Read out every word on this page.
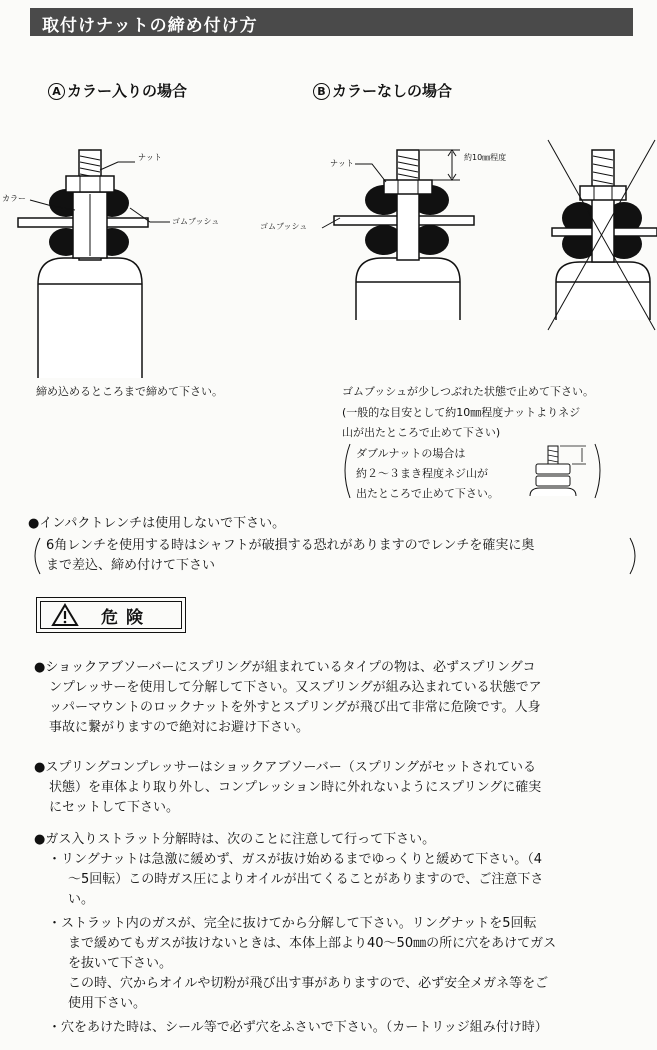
取付けナットの締め付け方
A カラー入りの場合	B カラーなしの場合
ナット
カラー
ゴムブッシュ
ナット
ゴムブッシュ
約10㎜程度
締め込めるところまで締めて下さい。	ゴムブッシュが少しつぶれた状態で止めて下さい。
(一般的な目安として約10㎜程度ナットよりネジ
山が出たところで止めて下さい)
ダブルナットの場合は
約２～３まき程度ネジ山が
出たところで止めて下さい。
●インパクトレンチは使用しないで下さい。
6角レンチを使用する時はシャフトが破損する恐れがありますのでレンチを確実に奥
まで差込、締め付けて下さい
危険
●ショックアブソーバーにスプリングが組まれているタイプの物は、必ずスプリングコ
ンプレッサーを使用して分解して下さい。又スプリングが組み込まれている状態でア
ッパーマウントのロックナットを外すとスプリングが飛び出て非常に危険です。人身
事故に繋がりますので絶対にお避け下さい。
●スプリングコンプレッサーはショックアブソーバー（スプリングがセットされている
状態）を車体より取り外し、コンプレッション時に外れないようにスプリングに確実
にセットして下さい。
●ガス入りストラット分解時は、次のことに注意して行って下さい。
・リングナットは急激に緩めず、ガスが抜け始めるまでゆっくりと緩めて下さい。（4
～5回転）この時ガス圧によりオイルが出てくることがありますので、ご注意下さ
い。
・ストラット内のガスが、完全に抜けてから分解して下さい。リングナットを5回転
まで緩めてもガスが抜けないときは、本体上部より40～50㎜の所に穴をあけてガス
を抜いて下さい。
この時、穴からオイルや切粉が飛び出す事がありますので、必ず安全メガネ等をご
使用下さい。
・穴をあけた時は、シール等で必ず穴をふさいで下さい。（カートリッジ組み付け時）
